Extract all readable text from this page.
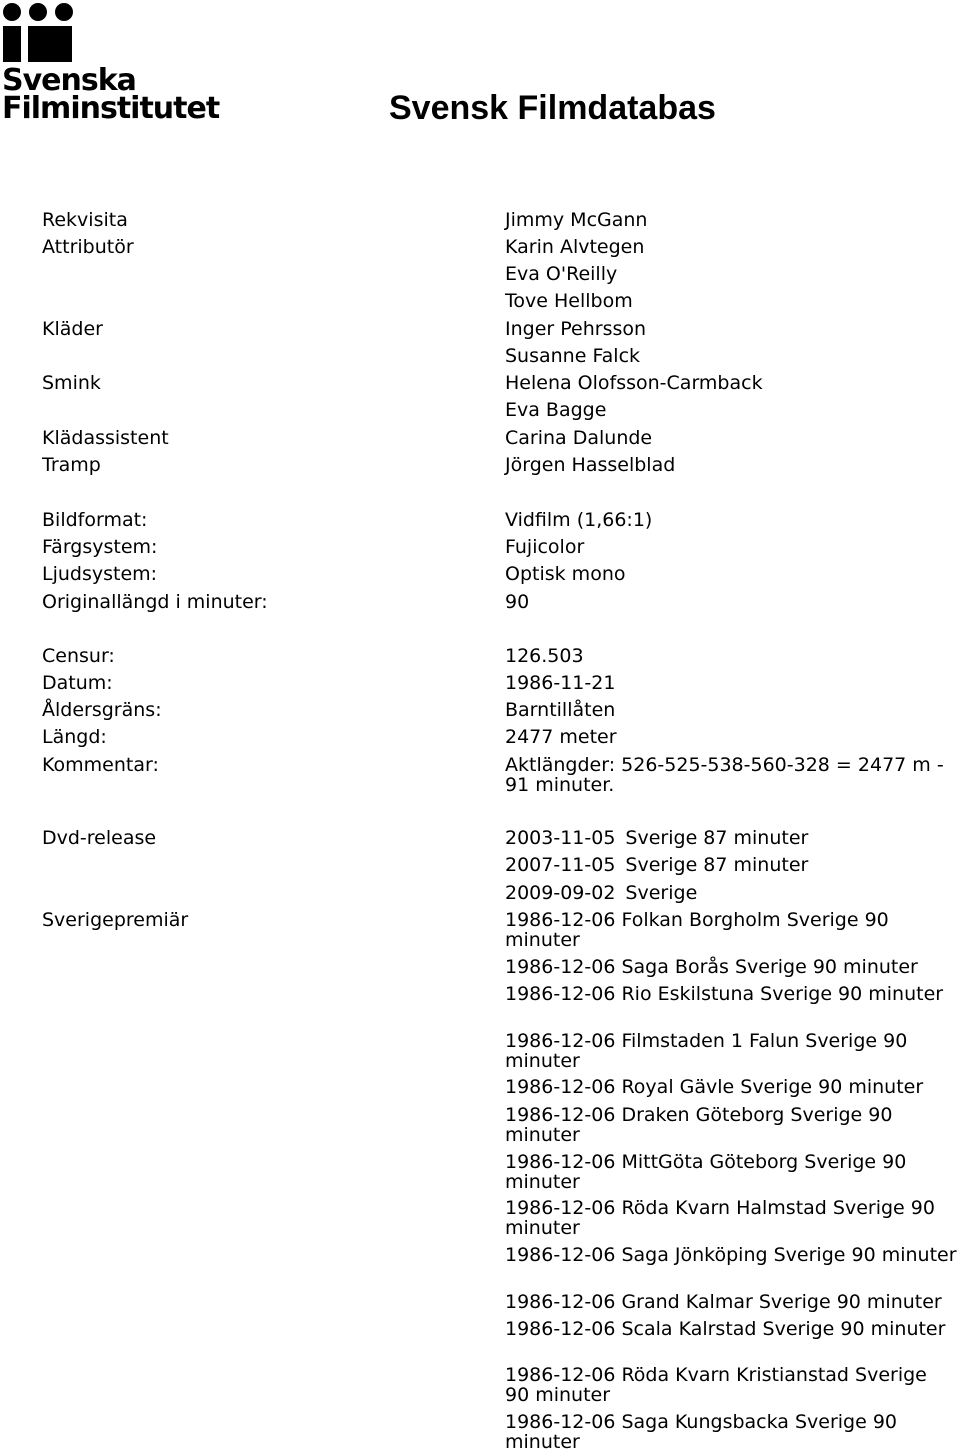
Svenska
Filminstitutet	Svensk Filmdatabas
Rekvisita	Jimmy McGann
Attributör	Karin Alvtegen
Eva O'Reilly
Tove Hellbom
Kläder	Inger Pehrsson
Susanne Falck
Smink	Helena Olofsson-Carmback
Eva Bagge
Klädassistent	Carina Dalunde
Tramp	Jörgen Hasselblad
Bildformat:	Vidfilm (1,66:1)
Färgsystem:	Fujicolor
Ljudsystem:	Optisk mono
Originallängd i minuter:	90
Censur:	126.503
Datum:	1986-11-21
Åldersgräns:	Barntillåten
Längd:	2477 meter
Kommentar:	Aktlängder: 526-525-538-560-328 = 2477 m - 91 minuter.
Dvd-release	2003-11-05 Sverige 87 minuter
2007-11-05 Sverige 87 minuter
2009-09-02 Sverige
Sverigepremiär	1986-12-06 Folkan Borgholm Sverige 90 minuter
1986-12-06 Saga Borås Sverige 90 minuter
1986-12-06 Rio Eskilstuna Sverige 90 minuter
1986-12-06 Filmstaden 1 Falun Sverige 90 minuter
1986-12-06 Royal Gävle Sverige 90 minuter
1986-12-06 Draken Göteborg Sverige 90 minuter
1986-12-06 MittGöta Göteborg Sverige 90 minuter
1986-12-06 Röda Kvarn Halmstad Sverige 90 minuter
1986-12-06 Saga Jönköping Sverige 90 minuter
1986-12-06 Grand Kalmar Sverige 90 minuter
1986-12-06 Scala Kalrstad Sverige 90 minuter
1986-12-06 Röda Kvarn Kristianstad Sverige 90 minuter
1986-12-06 Saga Kungsbacka Sverige 90 minuter
